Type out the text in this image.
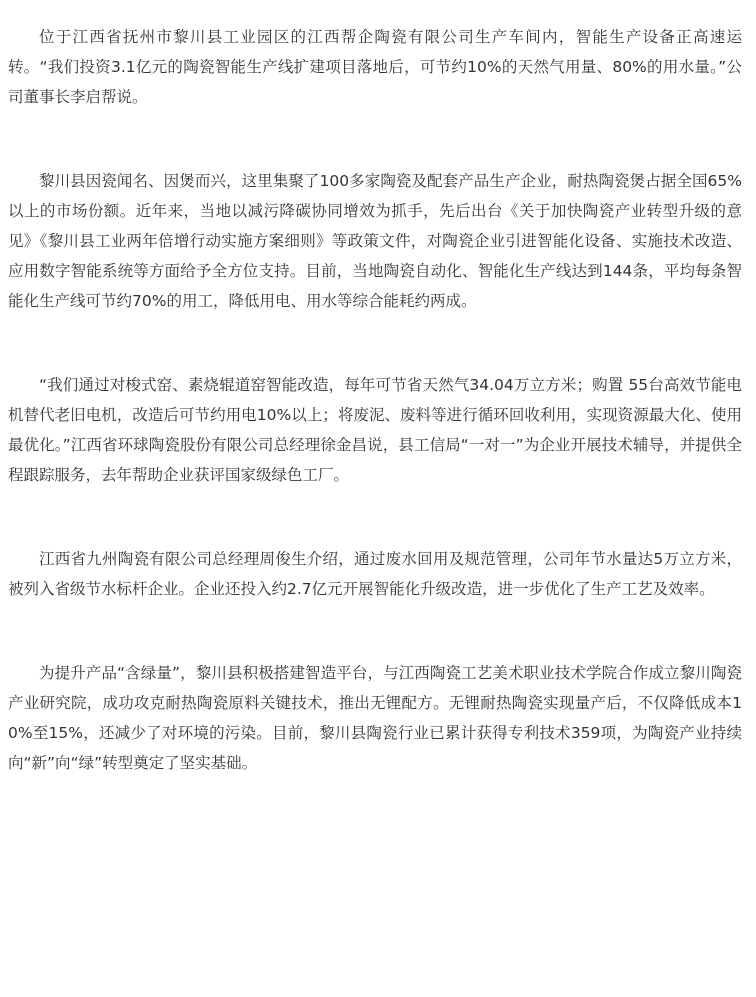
位于江西省抚州市黎川县工业园区的江西帮企陶瓷有限公司生产车间内，智能生产设备正高速运转。“我们投资3.1亿元的陶瓷智能生产线扩建项目落地后，可节约10%的天然气用量、80%的用水量。”公司董事长李启帮说。

黎川县因瓷闻名、因煲而兴，这里集聚了100多家陶瓷及配套产品生产企业，耐热陶瓷煲占据全国65%以上的市场份额。近年来，当地以减污降碳协同增效为抓手，先后出台《关于加快陶瓷产业转型升级的意见》《黎川县工业两年倍增行动实施方案细则》等政策文件，对陶瓷企业引进智能化设备、实施技术改造、应用数字智能系统等方面给予全方位支持。目前，当地陶瓷自动化、智能化生产线达到144条，平均每条智能化生产线可节约70%的用工，降低用电、用水等综合能耗约两成。

“我们通过对梭式窑、素烧辊道窑智能改造，每年可节省天然气34.04万立方米；购置 55台高效节能电机替代老旧电机，改造后可节约用电10%以上；将废泥、废料等进行循环回收利用，实现资源最大化、使用最优化。”江西省环球陶瓷股份有限公司总经理徐金昌说，县工信局“一对一”为企业开展技术辅导，并提供全程跟踪服务，去年帮助企业获评国家级绿色工厂。

江西省九州陶瓷有限公司总经理周俊生介绍，通过废水回用及规范管理，公司年节水量达5万立方米，被列入省级节水标杆企业。企业还投入约2.7亿元开展智能化升级改造，进一步优化了生产工艺及效率。

为提升产品“含绿量”，黎川县积极搭建智造平台，与江西陶瓷工艺美术职业技术学院合作成立黎川陶瓷产业研究院，成功攻克耐热陶瓷原料关键技术，推出无锂配方。无锂耐热陶瓷实现量产后，不仅降低成本10%至15%，还减少了对环境的污染。目前，黎川县陶瓷行业已累计获得专利技术359项，为陶瓷产业持续向“新”向“绿”转型奠定了坚实基础。
